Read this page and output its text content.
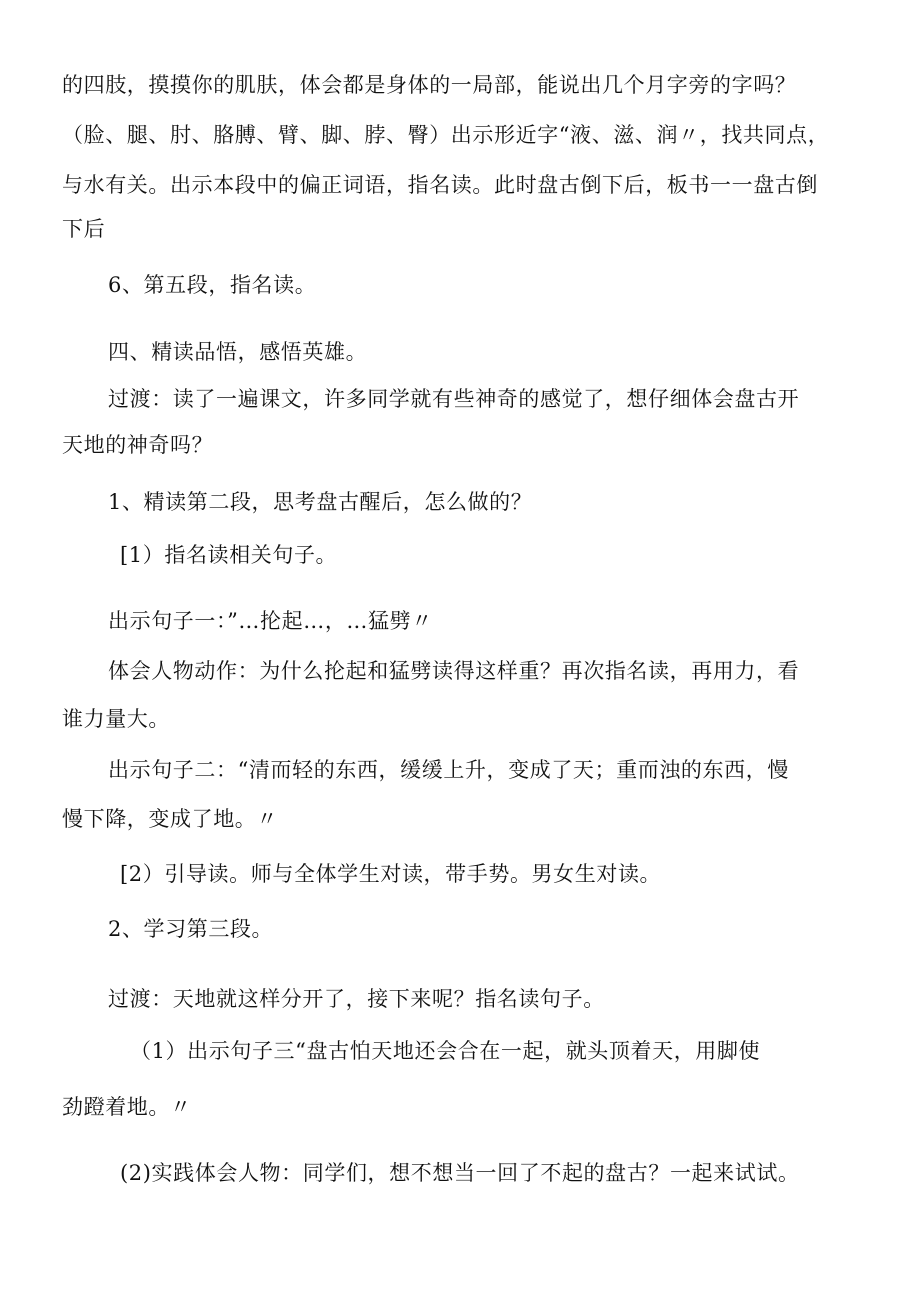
的四肢，摸摸你的肌肤，体会都是身体的一局部，能说出几个月字旁的字吗？

（脸、腿、肘、胳膊、臂、脚、脖、臀）出示形近字“液、滋、润〃，找共同点，

与水有关。出示本段中的偏正词语，指名读。此时盘古倒下后，板书一一盘古倒

下后

6、第五段，指名读。

四、精读品悟，感悟英雄。

过渡：读了一遍课文，许多同学就有些神奇的感觉了，想仔细体会盘古开

天地的神奇吗？

1、精读第二段，思考盘古醒后，怎么做的？

[1）指名读相关句子。

出示句子一：”…抡起…，…猛劈〃

体会人物动作：为什么抡起和猛劈读得这样重？再次指名读，再用力，看

谁力量大。

出示句子二：“清而轻的东西，缓缓上升，变成了天；重而浊的东西，慢

慢下降，变成了地。〃

[2）引导读。师与全体学生对读，带手势。男女生对读。

2、学习第三段。

过渡：天地就这样分开了，接下来呢？指名读句子。

（1）出示句子三“盘古怕天地还会合在一起，就头顶着天，用脚使

劲蹬着地。〃

(2)实践体会人物：同学们，想不想当一回了不起的盘古？一起来试试。
